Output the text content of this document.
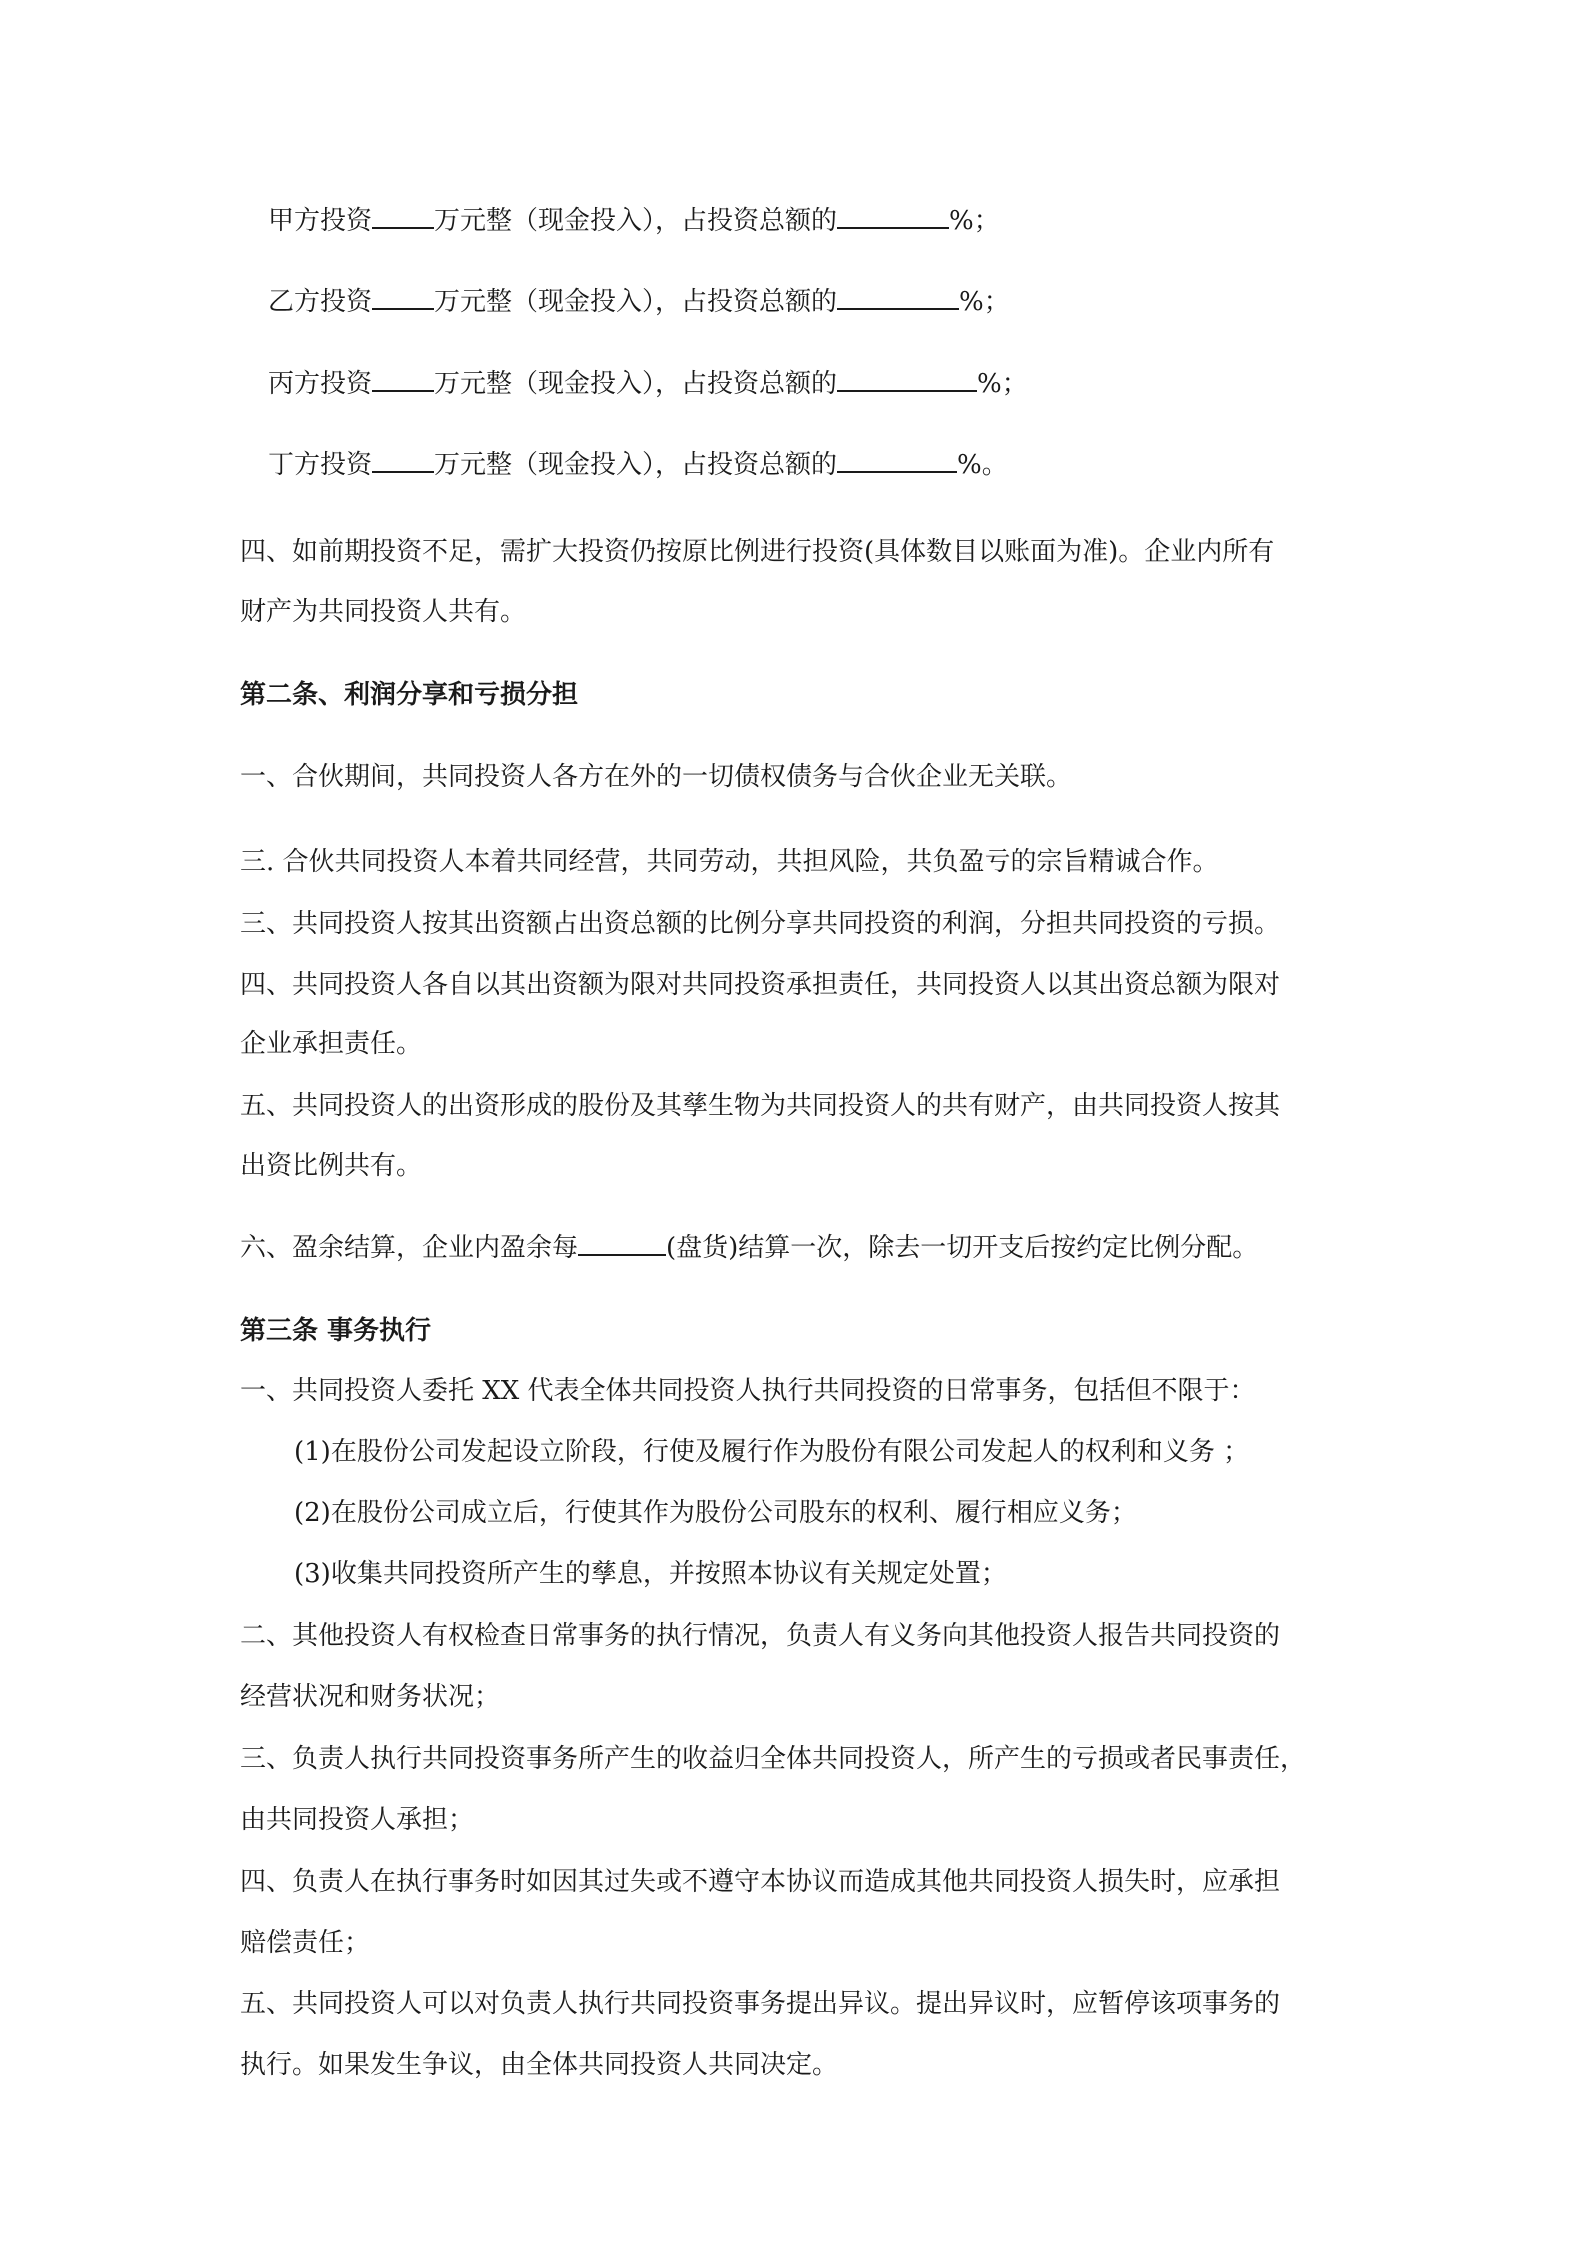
甲方投资 万元整（现金投入），占投资总额的	%；
乙方投资 万元整（现金投入），占投资总额的	%；
丙方投资 万元整（现金投入），占投资总额的	%；
丁方投资 万元整（现金投入），占投资总额的	%。
四、如前期投资不足，需扩大投资仍按原比例进行投资(具体数目以账面为准)。企业内所有
财产为共同投资人共有。
第二条、利润分享和亏损分担
一、合伙期间，共同投资人各方在外的一切债权债务与合伙企业无关联。
三. 合伙共同投资人本着共同经营，共同劳动，共担风险，共负盈亏的宗旨精诚合作。
三、共同投资人按其出资额占出资总额的比例分享共同投资的利润，分担共同投资的亏损。
四、共同投资人各自以其出资额为限对共同投资承担责任，共同投资人以其出资总额为限对
企业承担责任。
五、共同投资人的出资形成的股份及其孳生物为共同投资人的共有财产，由共同投资人按其
出资比例共有。
六、盈余结算，企业内盈余每	(盘货)结算一次，除去一切开支后按约定比例分配。
第三条 事务执行
一、共同投资人委托 XX 代表全体共同投资人执行共同投资的日常事务，包括但不限于：
(1)在股份公司发起设立阶段，行使及履行作为股份有限公司发起人的权利和义务 ；
(2)在股份公司成立后，行使其作为股份公司股东的权利、履行相应义务；
(3)收集共同投资所产生的孳息，并按照本协议有关规定处置；
二、其他投资人有权检查日常事务的执行情况，负责人有义务向其他投资人报告共同投资的
经营状况和财务状况；
三、负责人执行共同投资事务所产生的收益归全体共同投资人，所产生的亏损或者民事责任，
由共同投资人承担；
四、负责人在执行事务时如因其过失或不遵守本协议而造成其他共同投资人损失时，应承担
赔偿责任；
五、共同投资人可以对负责人执行共同投资事务提出异议。提出异议时，应暂停该项事务的
执行。如果发生争议，由全体共同投资人共同决定。
